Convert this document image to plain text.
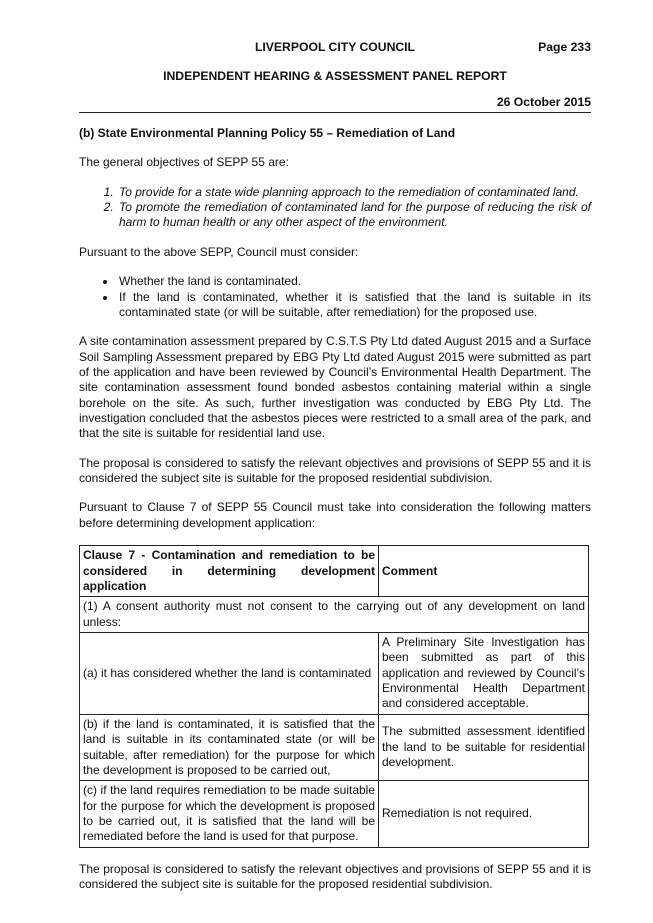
LIVERPOOL CITY COUNCIL	Page 233
INDEPENDENT HEARING & ASSESSMENT PANEL REPORT
26 October 2015

(b) State Environmental Planning Policy 55 – Remediation of Land

The general objectives of SEPP 55 are:

1. To provide for a state wide planning approach to the remediation of contaminated land.
2. To promote the remediation of contaminated land for the purpose of reducing the risk of harm to human health or any other aspect of the environment.

Pursuant to the above SEPP, Council must consider:

• Whether the land is contaminated.
• If the land is contaminated, whether it is satisfied that the land is suitable in its contaminated state (or will be suitable, after remediation) for the proposed use.

A site contamination assessment prepared by C.S.T.S Pty Ltd dated August 2015 and a Surface Soil Sampling Assessment prepared by EBG Pty Ltd dated August 2015 were submitted as part of the application and have been reviewed by Council’s Environmental Health Department. The site contamination assessment found bonded asbestos containing material within a single borehole on the site. As such, further investigation was conducted by EBG Pty Ltd. The investigation concluded that the asbestos pieces were restricted to a small area of the park, and that the site is suitable for residential land use.

The proposal is considered to satisfy the relevant objectives and provisions of SEPP 55 and it is considered the subject site is suitable for the proposed residential subdivision.

Pursuant to Clause 7 of SEPP 55 Council must take into consideration the following matters before determining development application:

Clause 7 - Contamination and remediation to be considered in determining development application	Comment
(1) A consent authority must not consent to the carrying out of any development on land unless:	
(a) it has considered whether the land is contaminated	A Preliminary Site Investigation has been submitted as part of this application and reviewed by Council’s Environmental Health Department and considered acceptable.
(b) if the land is contaminated, it is satisfied that the land is suitable in its contaminated state (or will be suitable, after remediation) for the purpose for which the development is proposed to be carried out,	The submitted assessment identified the land to be suitable for residential development.
(c) if the land requires remediation to be made suitable for the purpose for which the development is proposed to be carried out, it is satisfied that the land will be remediated before the land is used for that purpose.	Remediation is not required.

The proposal is considered to satisfy the relevant objectives and provisions of SEPP 55 and it is considered the subject site is suitable for the proposed residential subdivision.
